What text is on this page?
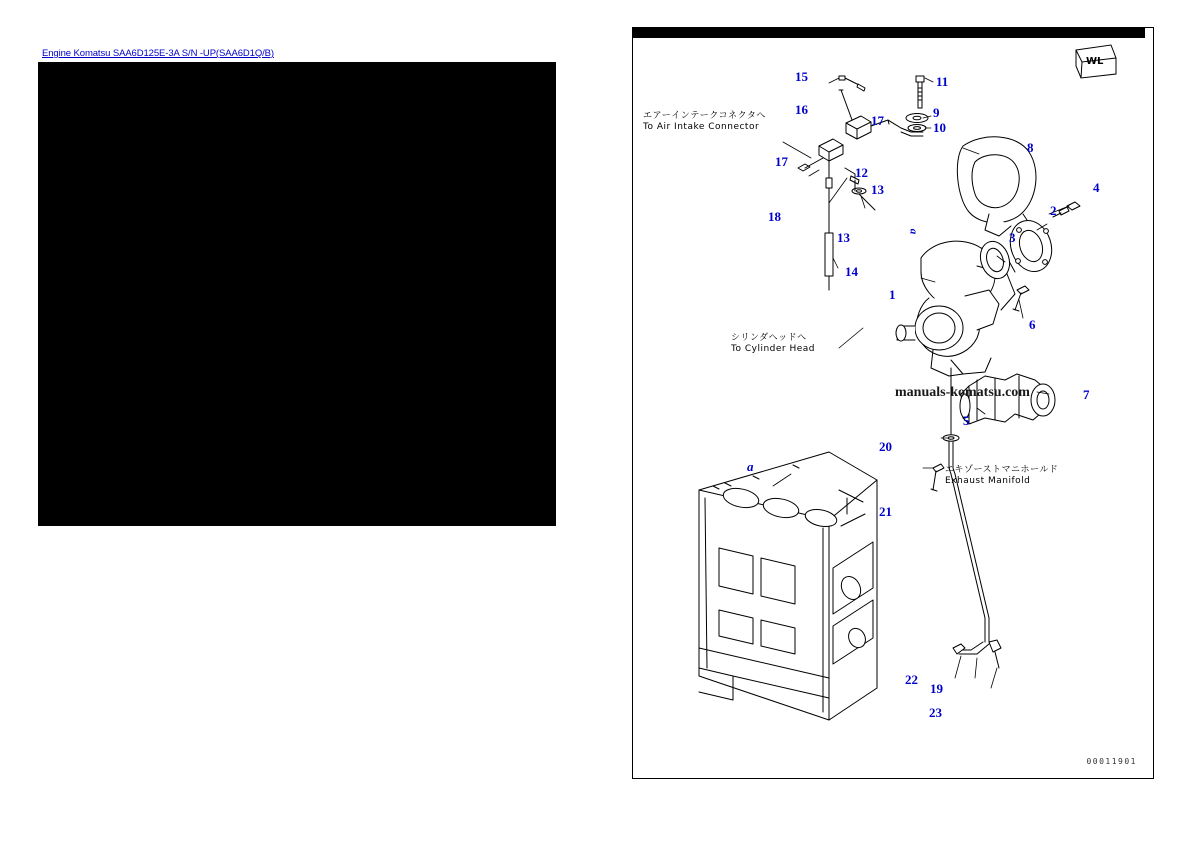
Engine Komatsu SAA6D125E-3A S/N -UP(SAA6D1Q/B)
WL
エアーインテークコネクタへ
To Air Intake Connector
シリンダヘッドへ
To Cylinder Head
エキゾーストマニホールド
Exhaust Manifold
a
a
15	11
16	9
17	10
8
17
12
4
13
2
18
3
13
1
14
6
7
5
20
21
22
19
23
manuals-komatsu.com
00011901
